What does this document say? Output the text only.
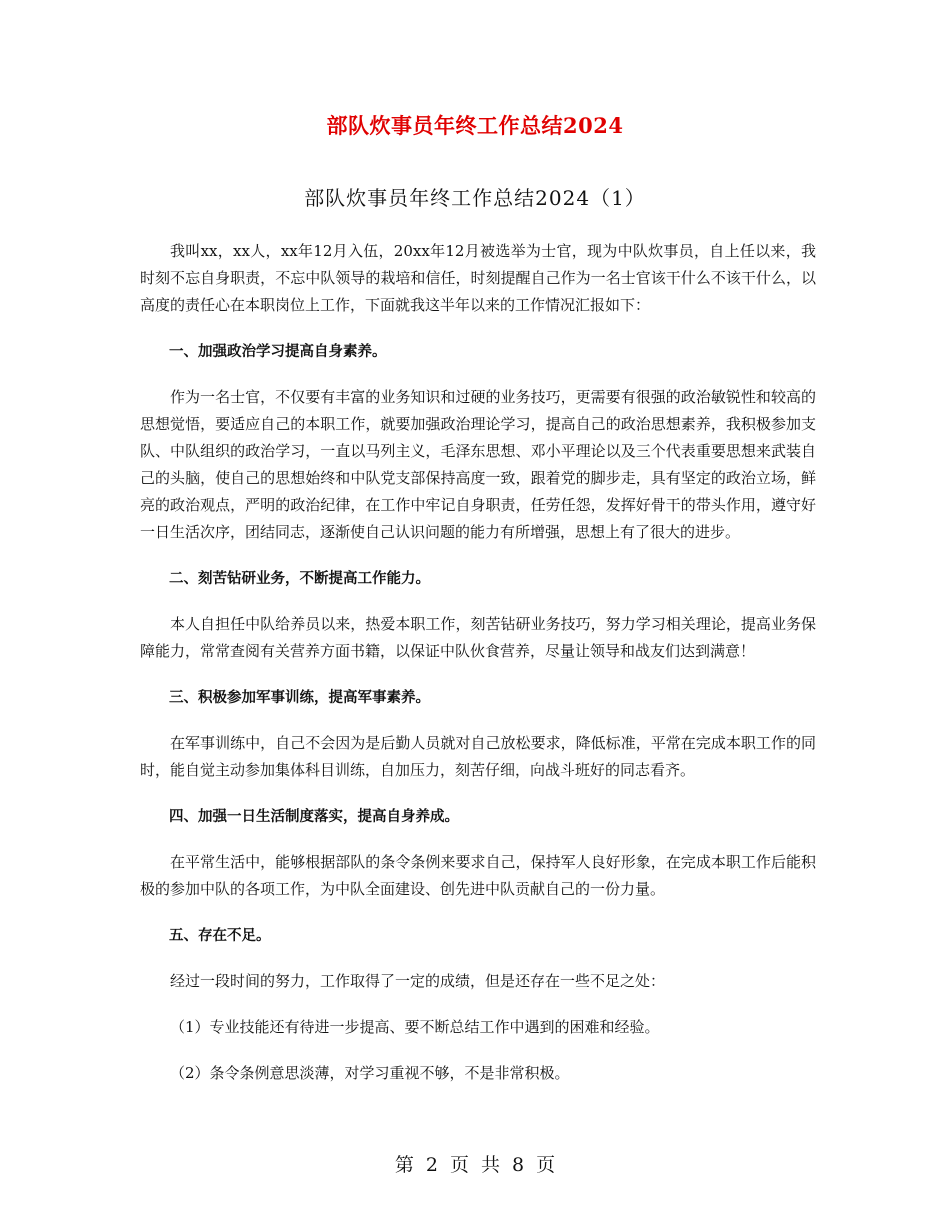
部队炊事员年终工作总结2024
部队炊事员年终工作总结2024（1）

我叫xx，xx人，xx年12月入伍，20xx年12月被选举为士官，现为中队炊事员，自上任以来，我时刻不忘自身职责，不忘中队领导的栽培和信任，时刻提醒自己作为一名士官该干什么不该干什么，以高度的责任心在本职岗位上工作，下面就我这半年以来的工作情况汇报如下：

一、加强政治学习提高自身素养。

作为一名士官，不仅要有丰富的业务知识和过硬的业务技巧，更需要有很强的政治敏锐性和较高的思想觉悟，要适应自己的本职工作，就要加强政治理论学习，提高自己的政治思想素养，我积极参加支队、中队组织的政治学习，一直以马列主义，毛泽东思想、邓小平理论以及三个代表重要思想来武装自己的头脑，使自己的思想始终和中队党支部保持高度一致，跟着党的脚步走，具有坚定的政治立场，鲜亮的政治观点，严明的政治纪律，在工作中牢记自身职责，任劳任怨，发挥好骨干的带头作用，遵守好一日生活次序，团结同志，逐渐使自己认识问题的能力有所增强，思想上有了很大的进步。

二、刻苦钻研业务，不断提高工作能力。

本人自担任中队给养员以来，热爱本职工作，刻苦钻研业务技巧，努力学习相关理论，提高业务保障能力，常常查阅有关营养方面书籍，以保证中队伙食营养，尽量让领导和战友们达到满意！

三、积极参加军事训练，提高军事素养。

在军事训练中，自己不会因为是后勤人员就对自己放松要求，降低标准，平常在完成本职工作的同时，能自觉主动参加集体科目训练，自加压力，刻苦仔细，向战斗班好的同志看齐。

四、加强一日生活制度落实，提高自身养成。

在平常生活中，能够根据部队的条令条例来要求自己，保持军人良好形象，在完成本职工作后能积极的参加中队的各项工作，为中队全面建设、创先进中队贡献自己的一份力量。

五、存在不足。

经过一段时间的努力，工作取得了一定的成绩，但是还存在一些不足之处：

（1）专业技能还有待进一步提高、要不断总结工作中遇到的困难和经验。

（2）条令条例意思淡薄，对学习重视不够，不是非常积极。

第 2 页 共 8 页
